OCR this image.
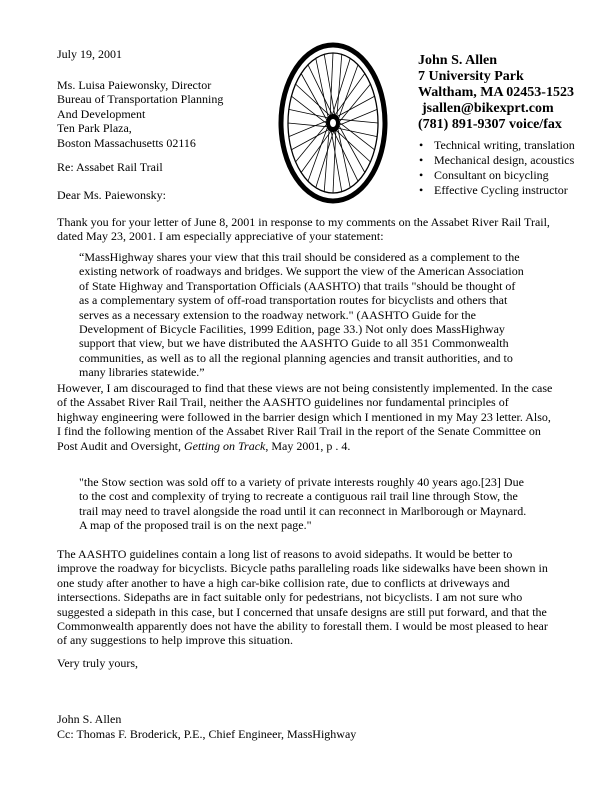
John S. Allen
7 University Park
Waltham, MA 02453-1523
jsallen@bikexprt.com
(781) 891-9307 voice/fax
• Technical writing, translation
• Mechanical design, acoustics
• Consultant on bicycling
• Effective Cycling instructor
July 19, 2001
Ms. Luisa Paiewonsky, Director
Bureau of Transportation Planning
And Development
Ten Park Plaza,
Boston Massachusetts 02116
Re: Assabet Rail Trail
Dear Ms. Paiewonsky:
Thank you for your letter of June 8, 2001 in response to my comments on the Assabet River Rail Trail,
dated May 23, 2001. I am especially appreciative of your statement:
“MassHighway shares your view that this trail should be considered as a complement to the
existing network of roadways and bridges. We support the view of the American Association
of State Highway and Transportation Officials (AASHTO) that trails "should be thought of
as a complementary system of off-road transportation routes for bicyclists and others that
serves as a necessary extension to the roadway network." (AASHTO Guide for the
Development of Bicycle Facilities, 1999 Edition, page 33.) Not only does MassHighway
support that view, but we have distributed the AASHTO Guide to all 351 Commonwealth
communities, as well as to all the regional planning agencies and transit authorities, and to
many libraries statewide.”
However, I am discouraged to find that these views are not being consistently implemented. In the case
of the Assabet River Rail Trail, neither the AASHTO guidelines nor fundamental principles of
highway engineering were followed in the barrier design which I mentioned in my May 23 letter. Also,
I find the following mention of the Assabet River Rail Trail in the report of the Senate Committee on
Post Audit and Oversight, Getting on Track, May 2001, p . 4.
"the Stow section was sold off to a variety of private interests roughly 40 years ago.[23] Due
to the cost and complexity of trying to recreate a contiguous rail trail line through Stow, the
trail may need to travel alongside the road until it can reconnect in Marlborough or Maynard.
A map of the proposed trail is on the next page."
The AASHTO guidelines contain a long list of reasons to avoid sidepaths. It would be better to
improve the roadway for bicyclists. Bicycle paths paralleling roads like sidewalks have been shown in
one study after another to have a high car-bike collision rate, due to conflicts at driveways and
intersections. Sidepaths are in fact suitable only for pedestrians, not bicyclists. I am not sure who
suggested a sidepath in this case, but I concerned that unsafe designs are still put forward, and that the
Commonwealth apparently does not have the ability to forestall them. I would be most pleased to hear
of any suggestions to help improve this situation.
Very truly yours,
John S. Allen
Cc: Thomas F. Broderick, P.E., Chief Engineer, MassHighway
